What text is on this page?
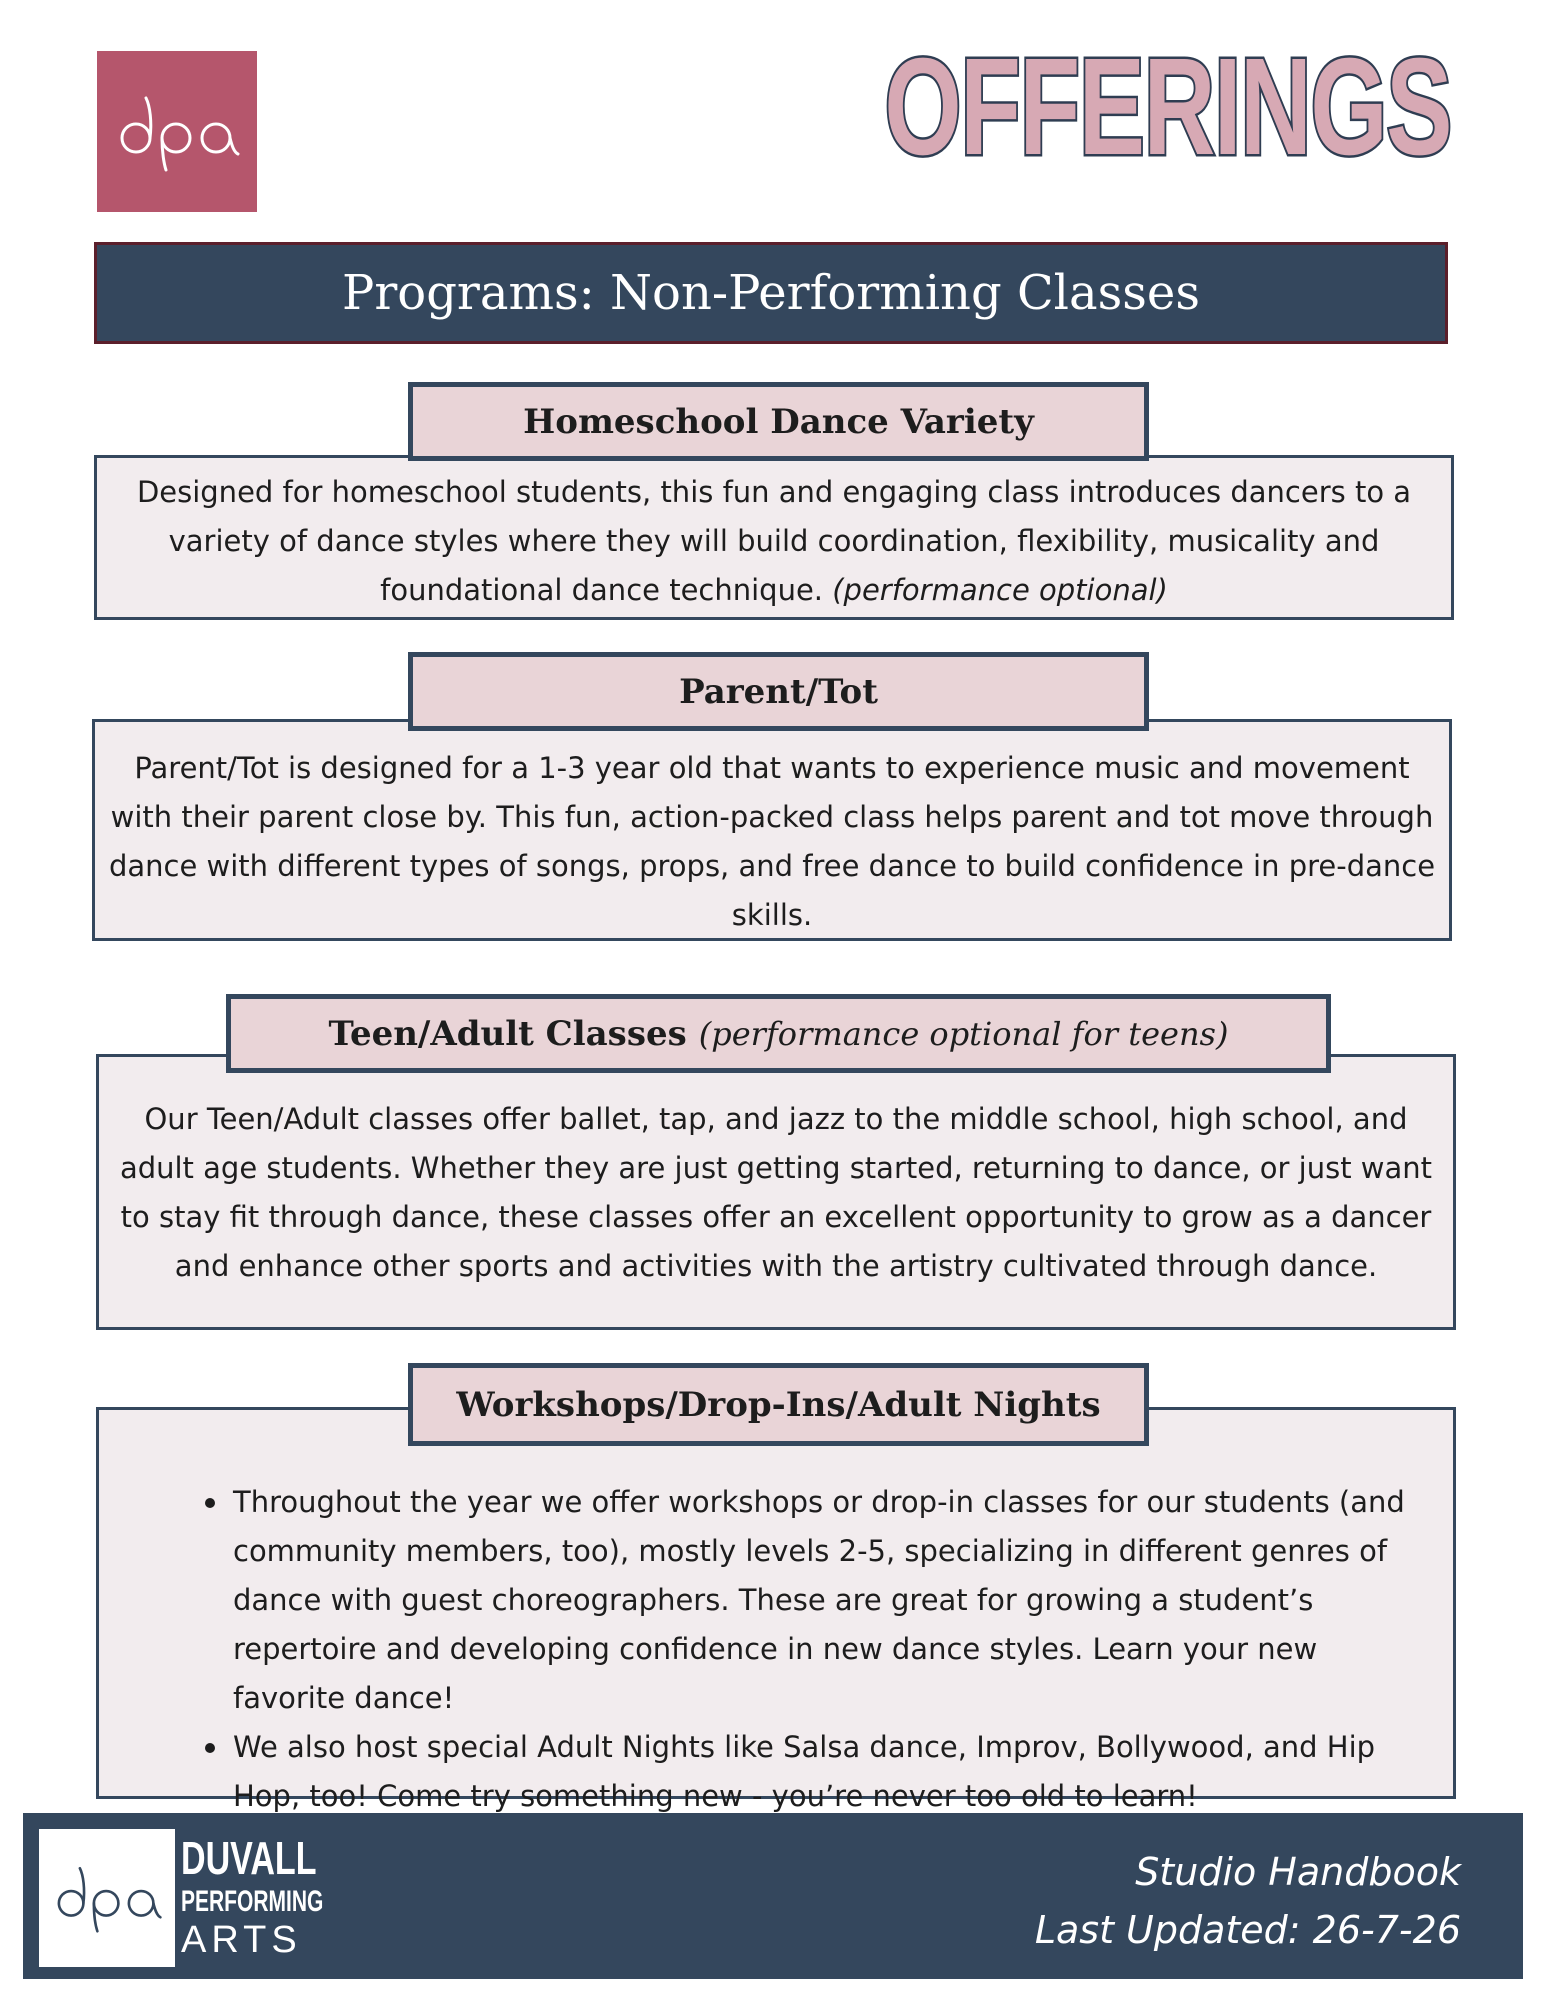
dpa	OFFERINGS
Programs: Non-Performing Classes

Designed for homeschool students, this fun and engaging class introduces dancers to a variety of dance styles where they will build coordination, flexibility, musicality and foundational dance technique. (performance optional)

Homeschool Dance Variety

Parent/Tot is designed for a 1-3 year old that wants to experience music and movement with their parent close by. This fun, action-packed class helps parent and tot move through dance with different types of songs, props, and free dance to build confidence in pre-dance skills.

Parent/Tot

Our Teen/Adult classes offer ballet, tap, and jazz to the middle school, high school, and adult age students. Whether they are just getting started, returning to dance, or just want to stay fit through dance, these classes offer an excellent opportunity to grow as a dancer and enhance other sports and activities with the artistry cultivated through dance.

Teen/Adult Classes (performance optional for teens)
Throughout the year we offer workshops or drop-in classes for our students (and community members, too), mostly levels 2-5, specializing in different genres of dance with guest choreographers. These are great for growing a student’s repertoire and developing confidence in new dance styles. Learn your new favorite dance!
We also host special Adult Nights like Salsa dance, Improv, Bollywood, and Hip Hop, too! Come try something new - you’re never too old to learn!
Workshops/Drop-Ins/Adult Nights
dpa DUVALL
PERFORMING
ARTS
Studio Handbook
Last Updated: 26-7-26
